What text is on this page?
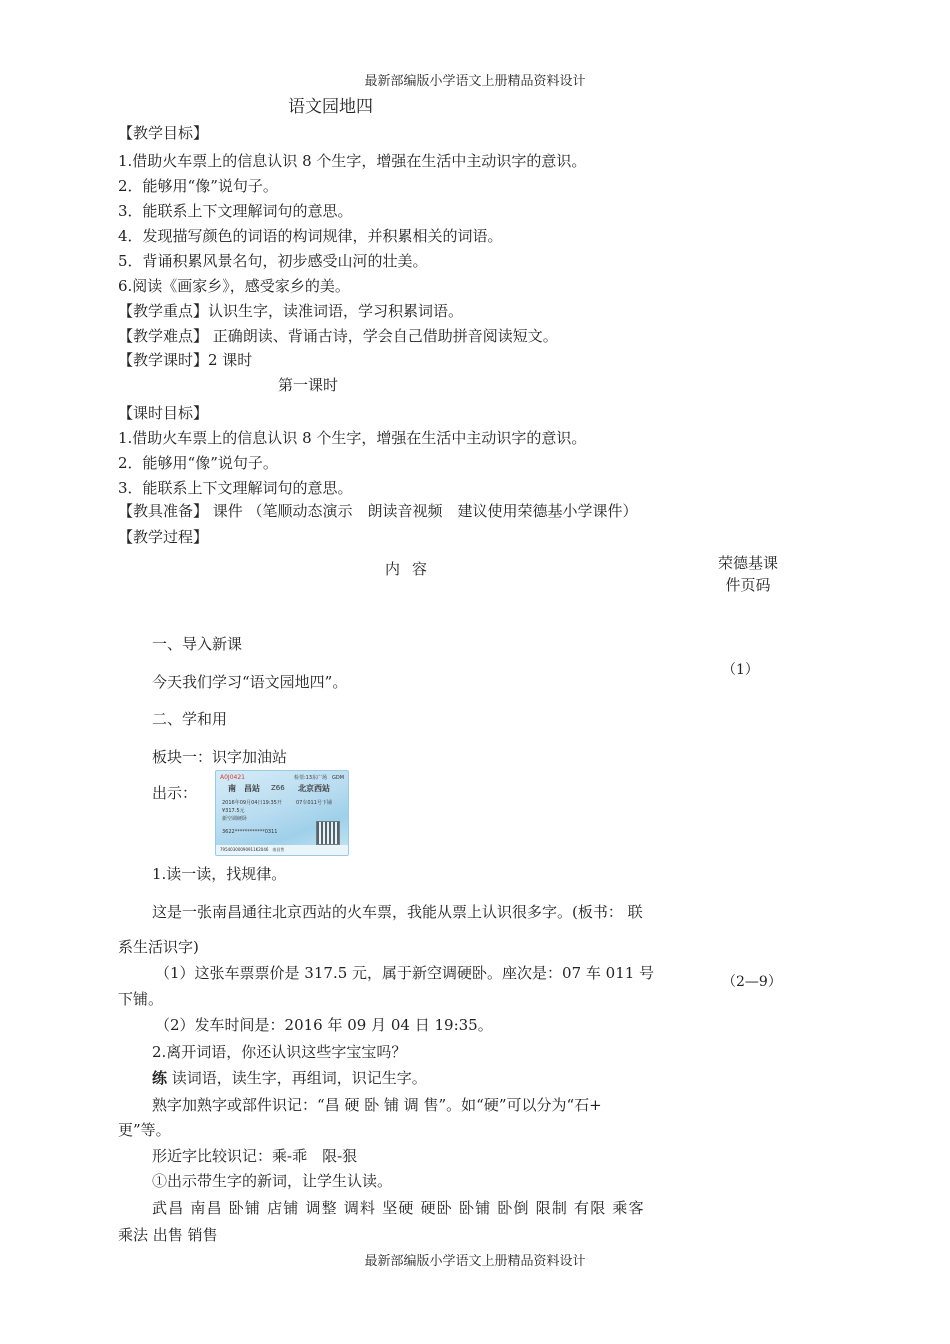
最新部编版小学语文上册精品资料设计
语文园地四
【教学目标】
1.借助火车票上的信息认识 8 个生字，增强在生活中主动识字的意识。
2．能够用“像”说句子。
3．能联系上下文理解词句的意思。
4．发现描写颜色的词语的构词规律，并积累相关的词语。
5．背诵积累风景名句，初步感受山河的壮美。
6.阅读《画家乡》，感受家乡的美。
【教学重点】认识生字，读准词语，学习积累词语。
【教学难点】 正确朗读、背诵古诗，学会自己借助拼音阅读短文。
【教学课时】2 课时
第一课时
【课时目标】
1.借助火车票上的信息认识 8 个生字，增强在生活中主动识字的意识。
2．能够用“像”说句子。
3．能联系上下文理解词句的意思。
【教具准备】 课件 （笔顺动态演示　朗读音视频　建议使用荣德基小学课件）
【教学过程】
内容	荣德基课件页码
一、导入新课
（1）
今天我们学习“语文园地四”。
二、学和用
板块一：识字加油站
出示：
A0J0421	检票:13东广场　GDM
南　昌站 Z66 北京西站
2016年09月04日19:35开	07车011号下铺
¥317.5元
新空调硬卧
3622************0311
79540300090911K2046　南昌售
1.读一读，找规律。
这是一张南昌通往北京西站的火车票，我能从票上认识很多字。(板书： 联
系生活识字)
（1）这张车票票价是 317.5 元，属于新空调硬卧。座次是：07 车 011 号	（2—9）
下铺。
（2）发车时间是：2016 年 09 月 04 日 19:35。
2.离开词语，你还认识这些字宝宝吗？
练 读词语，读生字，再组词，识记生字。
熟字加熟字或部件识记：“昌 硬 卧 铺 调 售”。如“硬”可以分为“石+
更”等。
形近字比较识记：乘-乖　限-狠
①出示带生字的新词，让学生认读。
武昌 南昌 卧铺 店铺 调整 调料 坚硬 硬卧 卧铺 卧倒 限制 有限 乘客
乘法 出售 销售
最新部编版小学语文上册精品资料设计
